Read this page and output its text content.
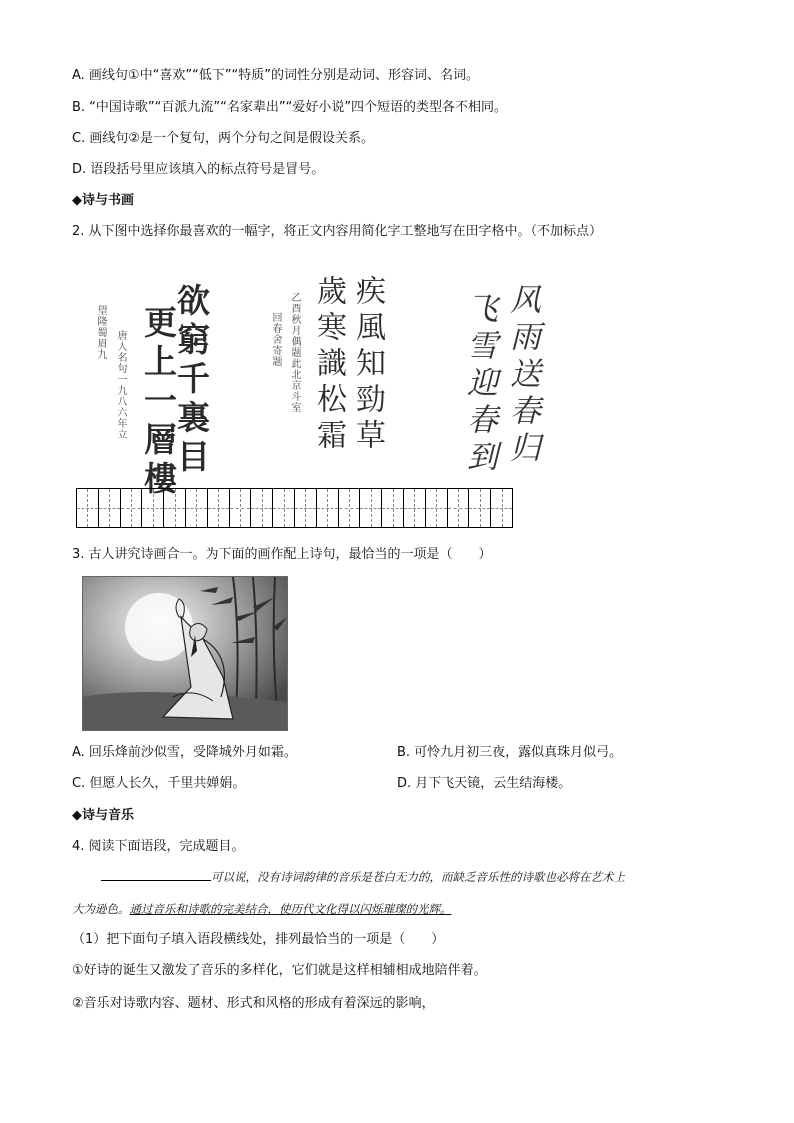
A. 画线句①中“喜欢”“低下”“特质”的词性分别是动词、形容词、名词。
B. “中国诗歌”“百派九流”“名家辈出”“爱好小说”四个短语的类型各不相同。
C. 画线句②是一个复句，两个分句之间是假设关系。
D. 语段括号里应该填入的标点符号是冒号。
◆诗与书画
2. 从下图中选择你最喜欢的一幅字，将正文内容用简化字工整地写在田字格中。（不加标点）
欲窮千裏目
更上一層樓
唐人名句一九八六年立
望隆蜀眉九	疾風知勁草
歲寒識松霜
乙酉秋月偶题此北京斗室
回春舍寄题	风雨送春归
飞雪迎春到
3. 古人讲究诗画合一。为下面的画作配上诗句，最恰当的一项是（　　）
A. 回乐烽前沙似雪，受降城外月如霜。	B. 可怜九月初三夜，露似真珠月似弓。
C. 但愿人长久，千里共婵娟。	D. 月下飞天镜，云生结海楼。
◆诗与音乐
4. 阅读下面语段，完成题目。
可以说，没有诗词韵律的音乐是苍白无力的，而缺乏音乐性的诗歌也必将在艺术上
大为逊色。通过音乐和诗歌的完美结合，使历代文化得以闪烁璀璨的光辉。
（1）把下面句子填入语段横线处，排列最恰当的一项是（　　）
①好诗的诞生又激发了音乐的多样化，它们就是这样相辅相成地陪伴着。
②音乐对诗歌内容、题材、形式和风格的形成有着深远的影响，
